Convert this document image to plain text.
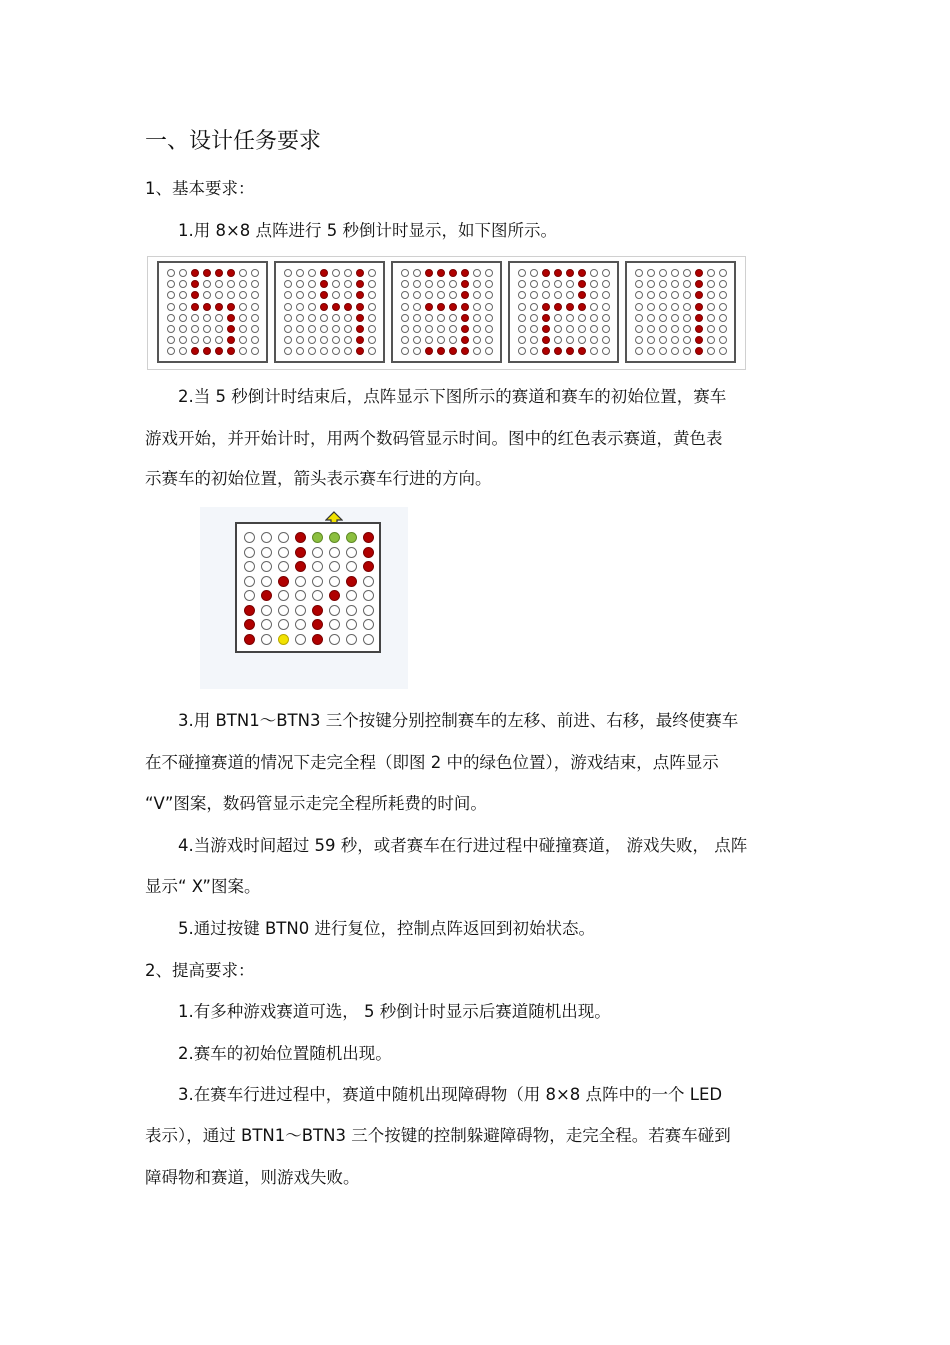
一、设计任务要求
1、基本要求：
1.用 8×8 点阵进行 5 秒倒计时显示，如下图所示。
2.当 5 秒倒计时结束后，点阵显示下图所示的赛道和赛车的初始位置，赛车
游戏开始，并开始计时，用两个数码管显示时间。图中的红色表示赛道，黄色表
示赛车的初始位置，箭头表示赛车行进的方向。
3.用 BTN1～BTN3 三个按键分别控制赛车的左移、前进、右移，最终使赛车
在不碰撞赛道的情况下走完全程（即图 2 中的绿色位置），游戏结束，点阵显示
“V”图案，数码管显示走完全程所耗费的时间。
4.当游戏时间超过 59 秒，或者赛车在行进过程中碰撞赛道， 游戏失败， 点阵
显示“ X”图案。
5.通过按键 BTN0 进行复位，控制点阵返回到初始状态。
2、提高要求：
1.有多种游戏赛道可选， 5 秒倒计时显示后赛道随机出现。
2.赛车的初始位置随机出现。
3.在赛车行进过程中，赛道中随机出现障碍物（用 8×8 点阵中的一个 LED
表示），通过 BTN1～BTN3 三个按键的控制躲避障碍物，走完全程。若赛车碰到
障碍物和赛道，则游戏失败。
